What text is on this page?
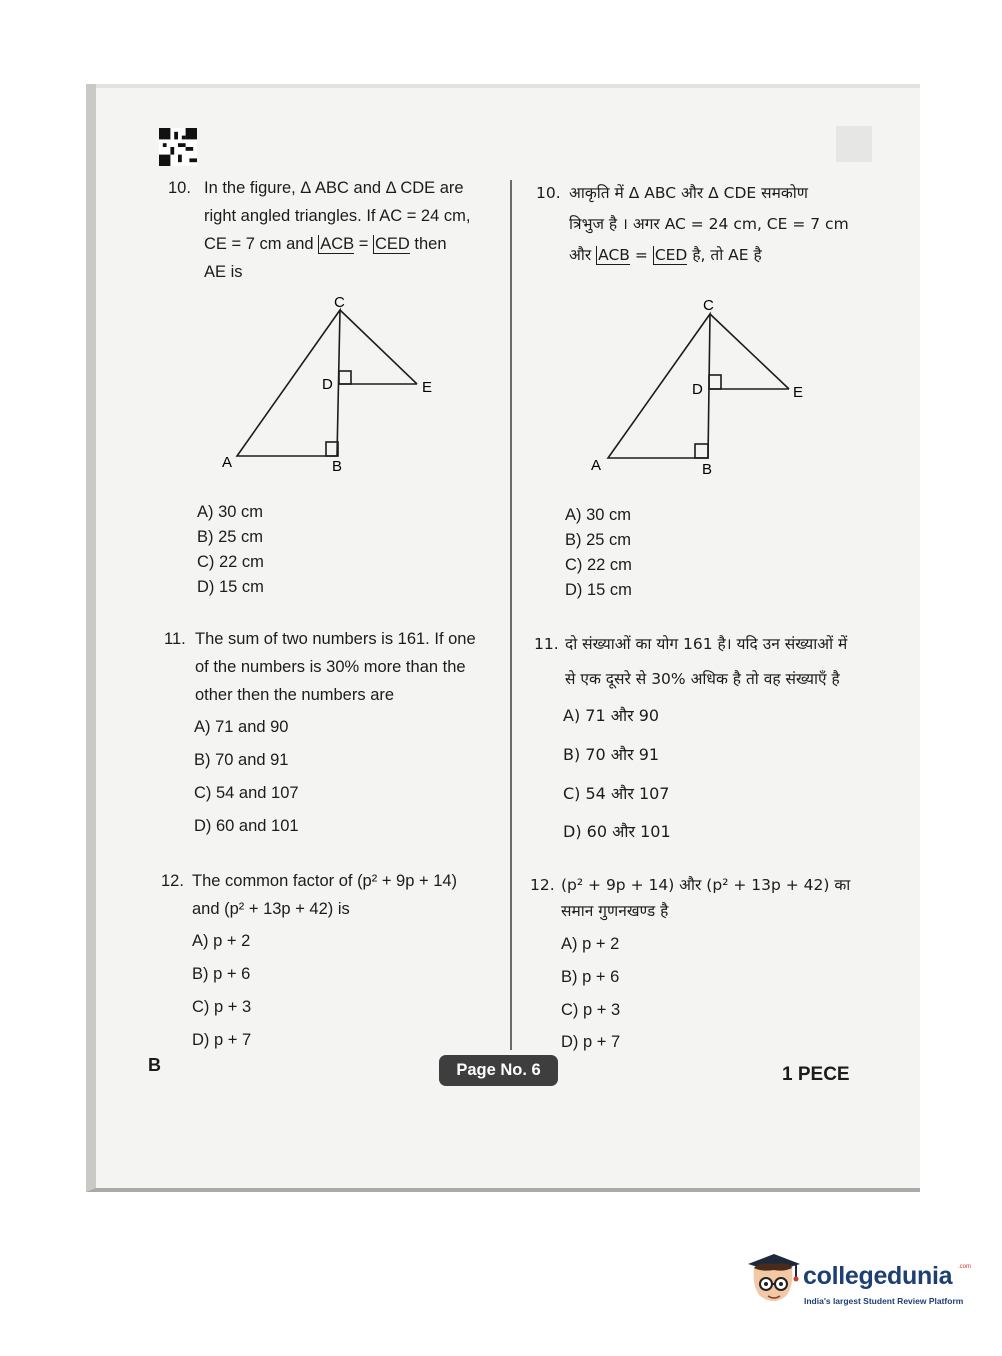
10. In the figure, Δ ABC and Δ CDE are
right angled triangles. If AC = 24 cm,
CE = 7 cm and ACB = CED then
AE is
C
D	E
A	B
A) 30 cm
B) 25 cm
C) 22 cm
D) 15 cm
11. The sum of two numbers is 161. If one
of the numbers is 30% more than the
other then the numbers are
A) 71 and 90
B) 70 and 91
C) 54 and 107
D) 60 and 101
12. The common factor of (p² + 9p + 14)
and (p² + 13p + 42) is
A) p + 2
B) p + 6
C) p + 3
D) p + 7
10. आकृति में Δ ABC और Δ CDE समकोण
त्रिभुज है । अगर AC = 24 cm, CE = 7 cm
और ACB = CED है, तो AE है
C
D	E
A	B
A) 30 cm
B) 25 cm
C) 22 cm
D) 15 cm
11. दो संख्याओं का योग 161 है। यदि उन संख्याओं में
से एक दूसरे से 30% अधिक है तो वह संख्याएँ है
A) 71 और 90
B) 70 और 91
C) 54 और 107
D) 60 और 101
12. (p² + 9p + 14) और (p² + 13p + 42) का
समान गुणनखण्ड है
A) p + 2
B) p + 6
C) p + 3
D) p + 7
B	Page No. 6	1 PECE
collegedunia .com
India's largest Student Review Platform
